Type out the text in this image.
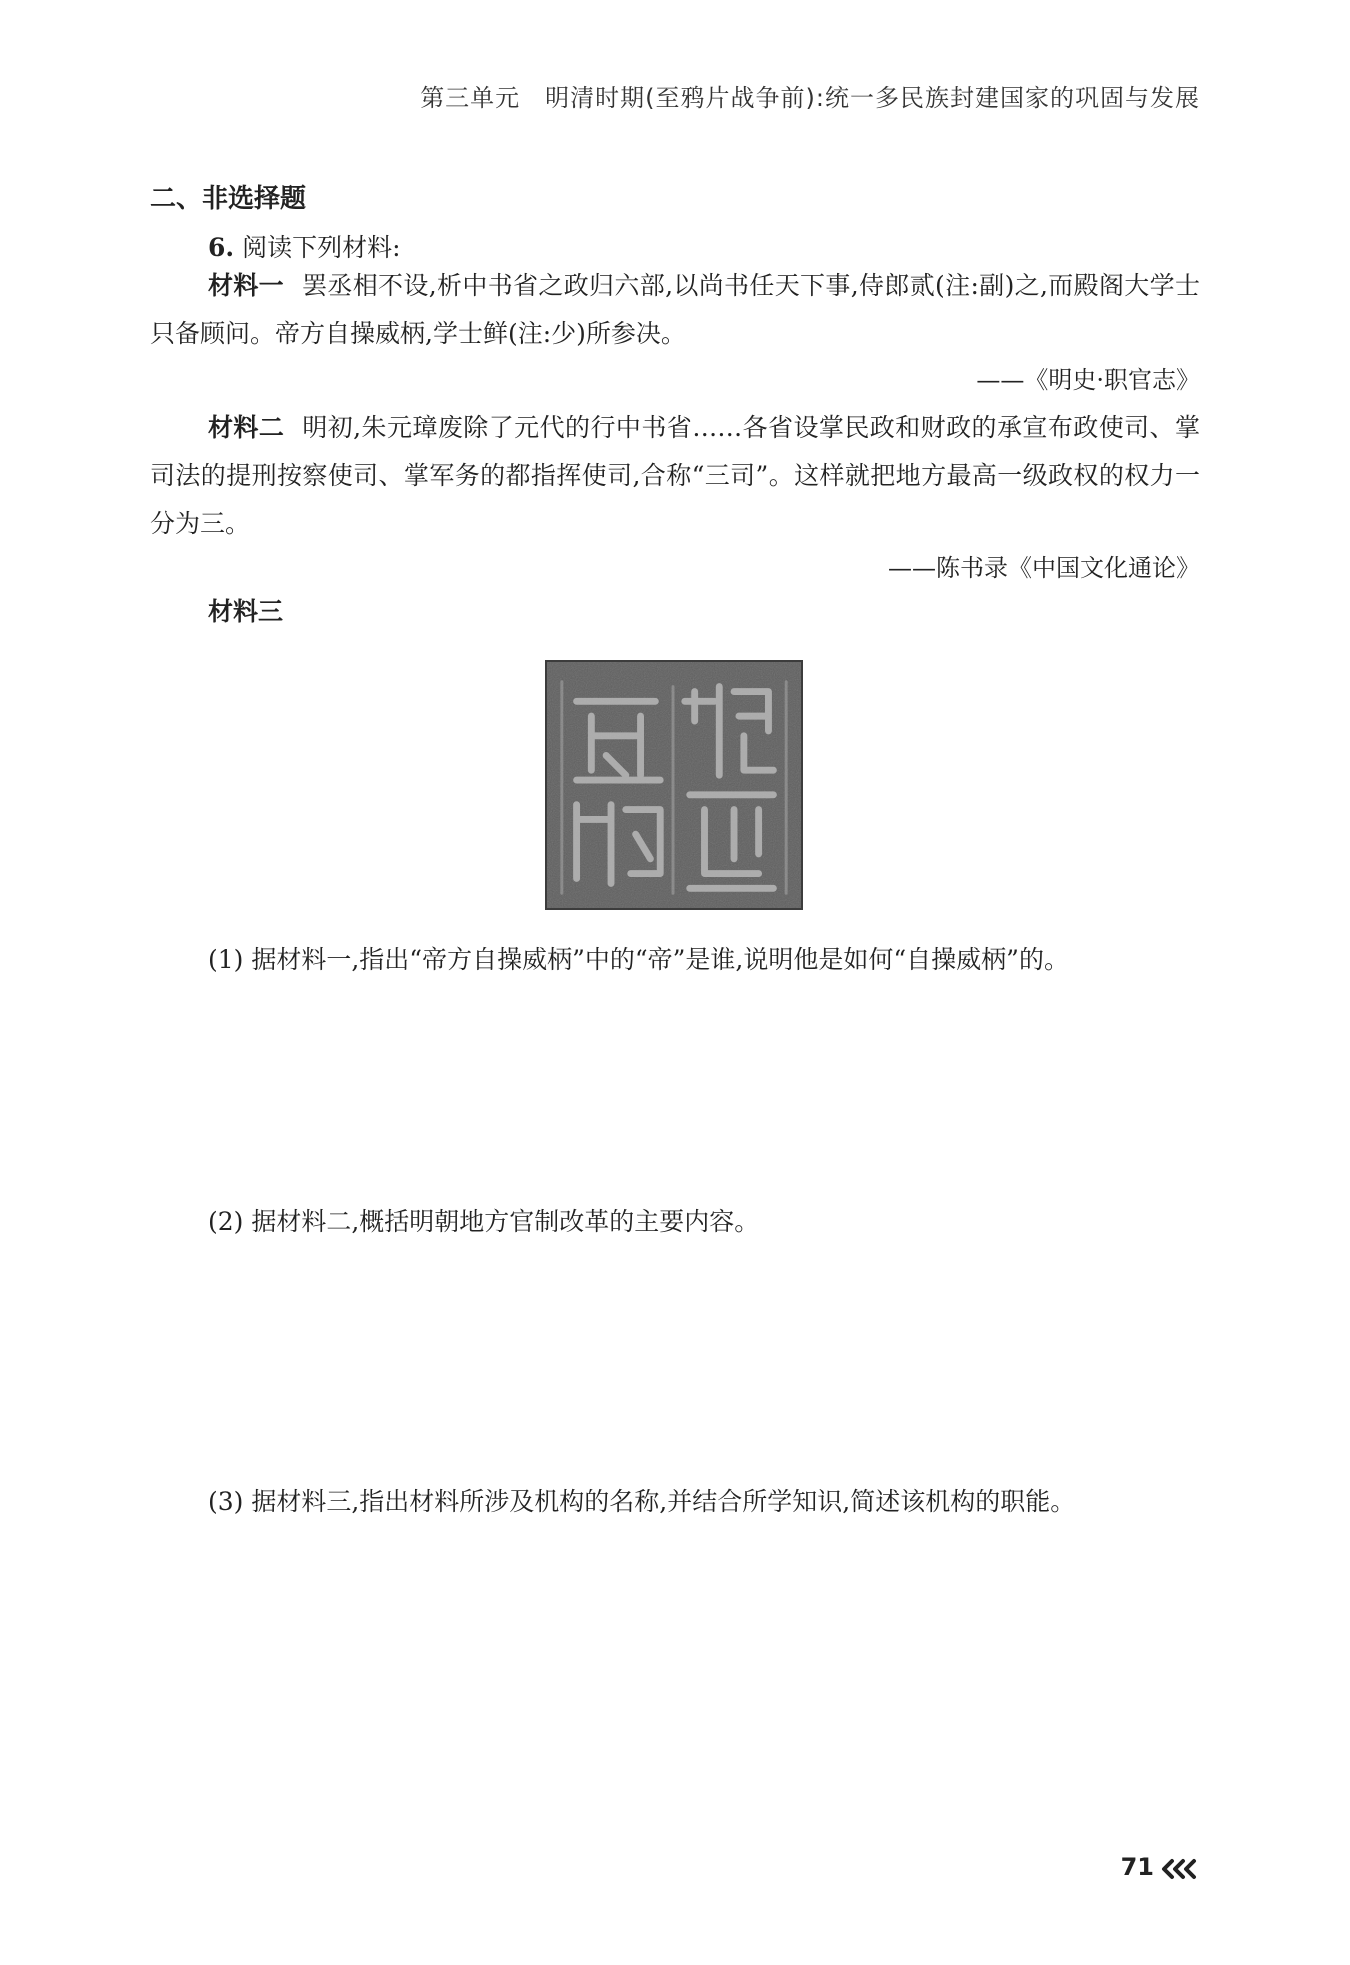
第三单元　明清时期(至鸦片战争前):统一多民族封建国家的巩固与发展
二、非选择题
6. 阅读下列材料:
材料一 罢丞相不设,析中书省之政归六部,以尚书任天下事,侍郎贰(注:副)之,而殿阁大学士只备顾问。帝方自操威柄,学士鲜(注:少)所参决。
——《明史·职官志》
材料二 明初,朱元璋废除了元代的行中书省……各省设掌民政和财政的承宣布政使司、掌司法的提刑按察使司、掌军务的都指挥使司,合称“三司”。这样就把地方最高一级政权的权力一分为三。
——陈书录《中国文化通论》
材料三
(1) 据材料一,指出“帝方自操威柄”中的“帝”是谁,说明他是如何“自操威柄”的。
(2) 据材料二,概括明朝地方官制改革的主要内容。
(3) 据材料三,指出材料所涉及机构的名称,并结合所学知识,简述该机构的职能。
71
